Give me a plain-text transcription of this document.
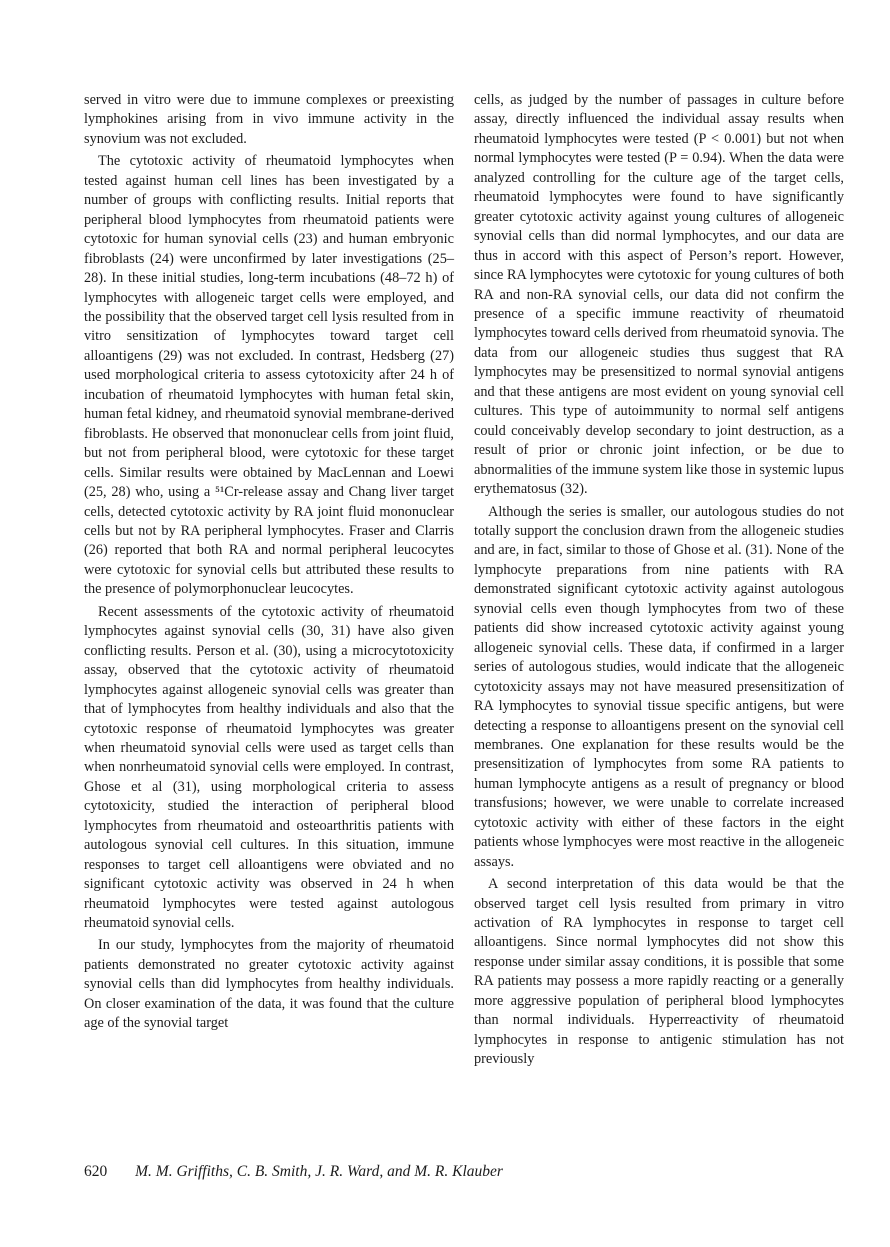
served in vitro were due to immune complexes or preexisting lymphokines arising from in vivo immune activity in the synovium was not excluded.

The cytotoxic activity of rheumatoid lymphocytes when tested against human cell lines has been investigated by a number of groups with conflicting results. Initial reports that peripheral blood lymphocytes from rheumatoid patients were cytotoxic for human synovial cells (23) and human embryonic fibroblasts (24) were unconfirmed by later investigations (25–28). In these initial studies, long-term incubations (48–72 h) of lymphocytes with allogeneic target cells were employed, and the possibility that the observed target cell lysis resulted from in vitro sensitization of lymphocytes toward target cell alloantigens (29) was not excluded. In contrast, Hedsberg (27) used morphological criteria to assess cytotoxicity after 24 h of incubation of rheumatoid lymphocytes with human fetal skin, human fetal kidney, and rheumatoid synovial membrane-derived fibroblasts. He observed that mononuclear cells from joint fluid, but not from peripheral blood, were cytotoxic for these target cells. Similar results were obtained by MacLennan and Loewi (25, 28) who, using a ⁵¹Cr-release assay and Chang liver target cells, detected cytotoxic activity by RA joint fluid mononuclear cells but not by RA peripheral lymphocytes. Fraser and Clarris (26) reported that both RA and normal peripheral leucocytes were cytotoxic for synovial cells but attributed these results to the presence of polymorphonuclear leucocytes.

Recent assessments of the cytotoxic activity of rheumatoid lymphocytes against synovial cells (30, 31) have also given conflicting results. Person et al. (30), using a microcytotoxicity assay, observed that the cytotoxic activity of rheumatoid lymphocytes against allogeneic synovial cells was greater than that of lymphocytes from healthy individuals and also that the cytotoxic response of rheumatoid lymphocytes was greater when rheumatoid synovial cells were used as target cells than when nonrheumatoid synovial cells were employed. In contrast, Ghose et al (31), using morphological criteria to assess cytotoxicity, studied the interaction of peripheral blood lymphocytes from rheumatoid and osteoarthritis patients with autologous synovial cell cultures. In this situation, immune responses to target cell alloantigens were obviated and no significant cytotoxic activity was observed in 24 h when rheumatoid lymphocytes were tested against autologous rheumatoid synovial cells.

In our study, lymphocytes from the majority of rheumatoid patients demonstrated no greater cytotoxic activity against synovial cells than did lymphocytes from healthy individuals. On closer examination of the data, it was found that the culture age of the synovial target

cells, as judged by the number of passages in culture before assay, directly influenced the individual assay results when rheumatoid lymphocytes were tested (P < 0.001) but not when normal lymphocytes were tested (P = 0.94). When the data were analyzed controlling for the culture age of the target cells, rheumatoid lymphocytes were found to have significantly greater cytotoxic activity against young cultures of allogeneic synovial cells than did normal lymphocytes, and our data are thus in accord with this aspect of Person’s report. However, since RA lymphocytes were cytotoxic for young cultures of both RA and non-RA synovial cells, our data did not confirm the presence of a specific immune reactivity of rheumatoid lymphocytes toward cells derived from rheumatoid synovia. The data from our allogeneic studies thus suggest that RA lymphocytes may be presensitized to normal synovial antigens and that these antigens are most evident on young synovial cell cultures. This type of autoimmunity to normal self antigens could conceivably develop secondary to joint destruction, as a result of prior or chronic joint infection, or be due to abnormalities of the immune system like those in systemic lupus erythematosus (32).

Although the series is smaller, our autologous studies do not totally support the conclusion drawn from the allogeneic studies and are, in fact, similar to those of Ghose et al. (31). None of the lymphocyte preparations from nine patients with RA demonstrated significant cytotoxic activity against autologous synovial cells even though lymphocytes from two of these patients did show increased cytotoxic activity against young allogeneic synovial cells. These data, if confirmed in a larger series of autologous studies, would indicate that the allogeneic cytotoxicity assays may not have measured presensitization of RA lymphocytes to synovial tissue specific antigens, but were detecting a response to alloantigens present on the synovial cell membranes. One explanation for these results would be the presensitization of lymphocytes from some RA patients to human lymphocyte antigens as a result of pregnancy or blood transfusions; however, we were unable to correlate increased cytotoxic activity with either of these factors in the eight patients whose lymphocyes were most reactive in the allogeneic assays.

A second interpretation of this data would be that the observed target cell lysis resulted from primary in vitro activation of RA lymphocytes in response to target cell alloantigens. Since normal lymphocytes did not show this response under similar assay conditions, it is possible that some RA patients may possess a more rapidly reacting or a generally more aggressive population of peripheral blood lymphocytes than normal individuals. Hyperreactivity of rheumatoid lymphocytes in response to antigenic stimulation has not previously

620 M. M. Griffiths, C. B. Smith, J. R. Ward, and M. R. Klauber
